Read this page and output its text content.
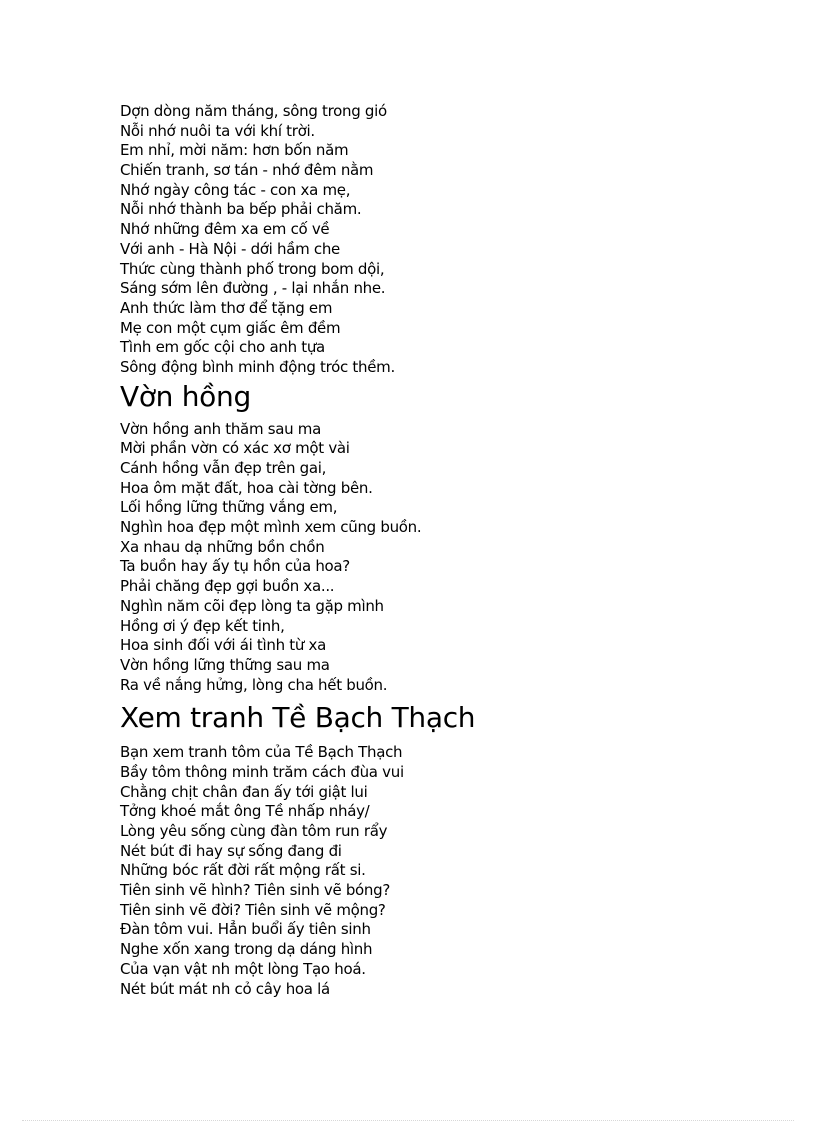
Dợn dòng năm tháng, sông trong gió
Nỗi nhớ nuôi ta với khí trời.
Em nhỉ, mời năm: hơn bốn năm
Chiến tranh, sơ tán - nhớ đêm nằm
Nhớ ngày công tác - con xa mẹ,
Nỗi nhớ thành ba bếp phải chăm.
Nhớ những đêm xa em cố về
Với anh - Hà Nội - dới hầm che
Thức cùng thành phố trong bom dội,
Sáng sớm lên đường , - lại nhắn nhe.
Anh thức làm thơ để tặng em
Mẹ con một cụm giấc êm đềm
Tình em gốc cội cho anh tựa
Sông động bình minh động tróc thềm.
Vờn hồng
Vờn hồng anh thăm sau ma
Mời phần vờn có xác xơ một vài
Cánh hồng vẫn đẹp trên gai,
Hoa ôm mặt đất, hoa cài tờng bên.
Lối hồng lững thững vắng em,
Nghìn hoa đẹp một mình xem cũng buồn.
Xa nhau dạ những bồn chồn
Ta buồn hay ấy tụ hồn của hoa?
Phải chăng đẹp gợi buồn xa...
Nghìn năm cõi đẹp lòng ta gặp mình
Hồng ơi ý đẹp kết tinh,
Hoa sinh đối với ái tình từ xa
Vờn hồng lững thững sau ma
Ra về nắng hửng, lòng cha hết buồn.
Xem tranh Tề Bạch Thạch
Bạn xem tranh tôm của Tề Bạch Thạch
Bầy tôm thông minh trăm cách đùa vui
Chằng chịt chân đan ấy tới giật lui
Tởng khoé mắt ông Tề nhấp nháy/
Lòng yêu sống cùng đàn tôm run rẩy
Nét bút đi hay sự sống đang đi
Những bóc rất đời rất mộng rất si.
Tiên sinh vẽ hình? Tiên sinh vẽ bóng?
Tiên sinh vẽ đời? Tiên sinh vẽ mộng?
Đàn tôm vui. Hẳn buổi ấy tiên sinh
Nghe xốn xang trong dạ dáng hình
Của vạn vật nh một lòng Tạo hoá.
Nét bút mát nh cỏ cây hoa lá
